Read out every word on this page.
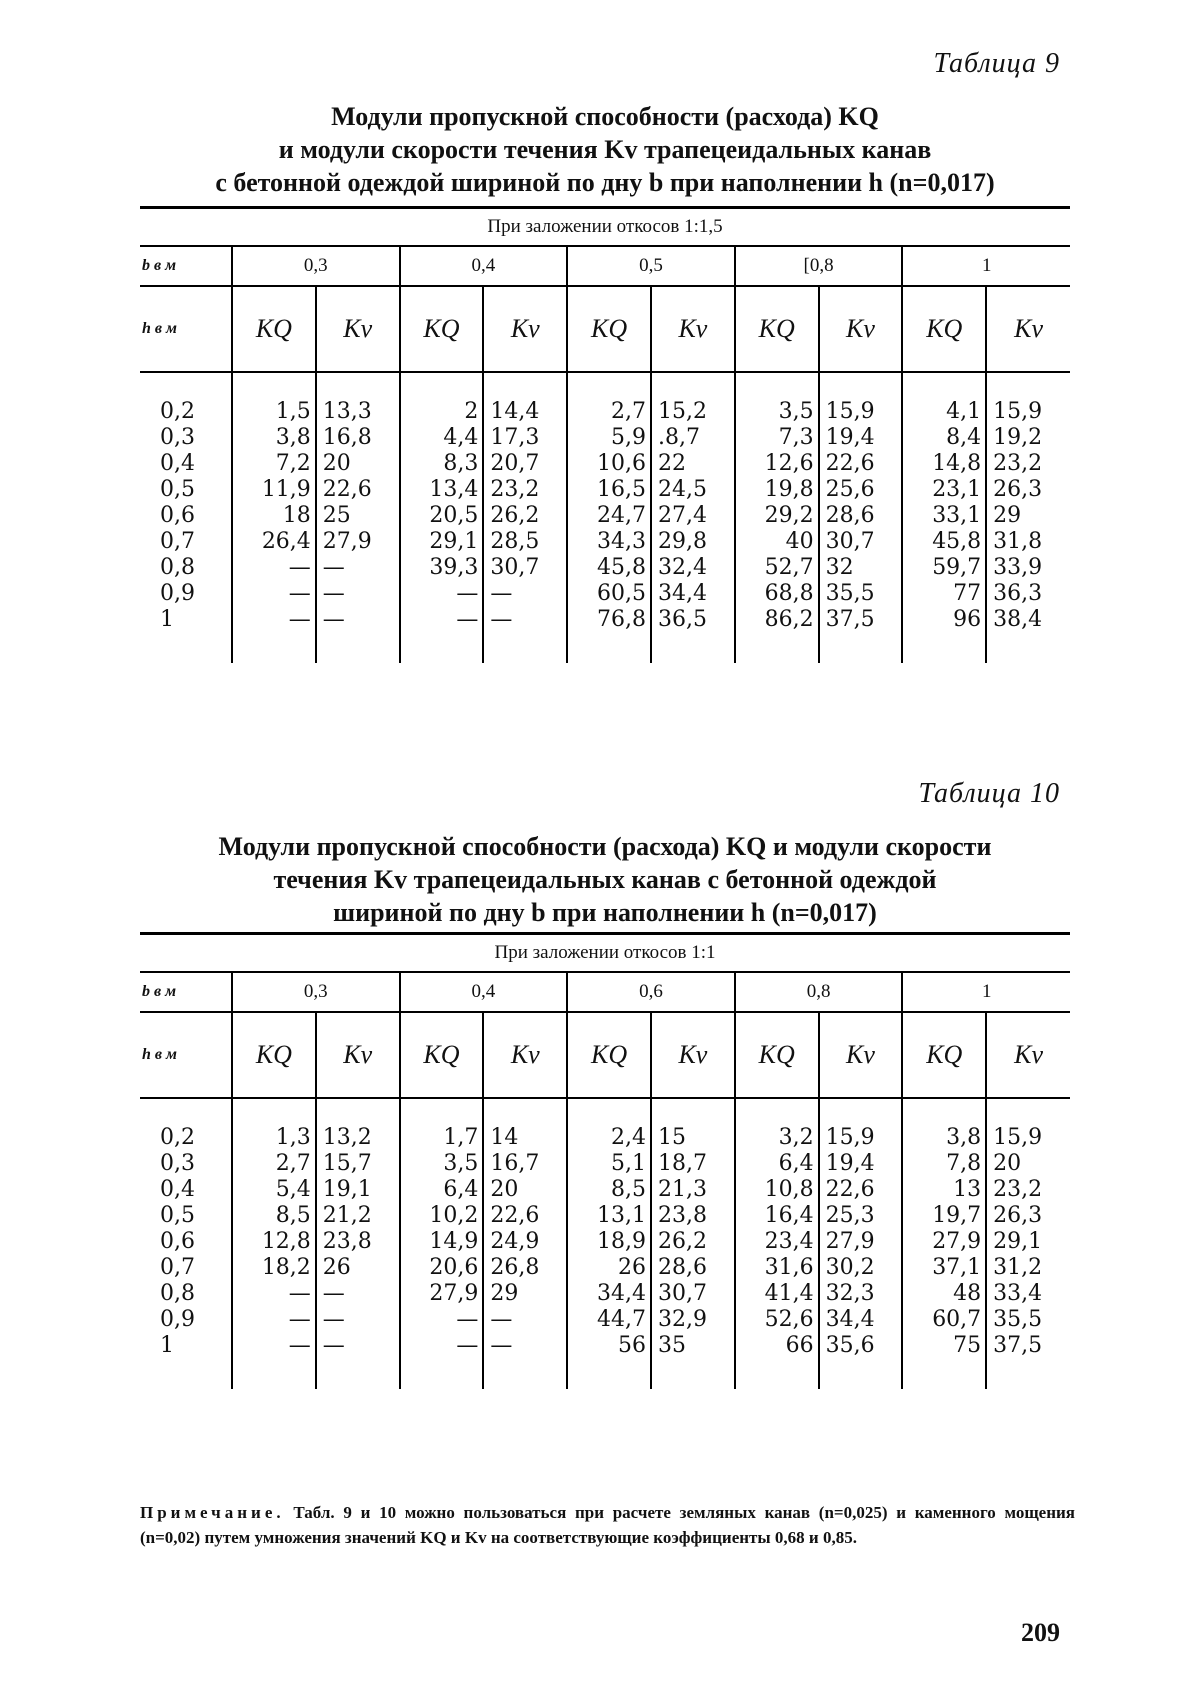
Таблица 9
Модули пропускной способности (расхода) KQ
и модули скорости течения Kv трапецеидальных канав
с бетонной одеждой шириной по дну b при наполнении h (n=0,017)
При заложении откосов 1:1,5
b в м	0,3		0,4		0,5		[0,8		1	
h в м	KQ	Kv	KQ	Kv	KQ	Kv	KQ	Kv	KQ	Kv

0,2	1,5	13,3	2	14,4	2,7	15,2	3,5	15,9	4,1	15,9
0,3	3,8	16,8	4,4	17,3	5,9	.8,7	7,3	19,4	8,4	19,2
0,4	7,2	20	8,3	20,7	10,6	22	12,6	22,6	14,8	23,2
0,5	11,9	22,6	13,4	23,2	16,5	24,5	19,8	25,6	23,1	26,3
0,6	18	25	20,5	26,2	24,7	27,4	29,2	28,6	33,1	29
0,7	26,4	27,9	29,1	28,5	34,3	29,8	40	30,7	45,8	31,8
0,8	—	—	39,3	30,7	45,8	32,4	52,7	32	59,7	33,9
0,9	—	—	—	—	60,5	34,4	68,8	35,5	77	36,3
1	—	—	—	—	76,8	36,5	86,2	37,5	96	38,4

Таблица 10
Модули пропускной способности (расхода) KQ и модули скорости
течения Kv трапецеидальных канав с бетонной одеждой
шириной по дну b при наполнении h (n=0,017)
При заложении откосов 1:1
b в м	0,3		0,4		0,6		0,8		1	
h в м	KQ	Kv	KQ	Kv	KQ	Kv	KQ	Kv	KQ	Kv

0,2	1,3	13,2	1,7	14	2,4	15	3,2	15,9	3,8	15,9
0,3	2,7	15,7	3,5	16,7	5,1	18,7	6,4	19,4	7,8	20
0,4	5,4	19,1	6,4	20	8,5	21,3	10,8	22,6	13	23,2
0,5	8,5	21,2	10,2	22,6	13,1	23,8	16,4	25,3	19,7	26,3
0,6	12,8	23,8	14,9	24,9	18,9	26,2	23,4	27,9	27,9	29,1
0,7	18,2	26	20,6	26,8	26	28,6	31,6	30,2	37,1	31,2
0,8	—	—	27,9	29	34,4	30,7	41,4	32,3	48	33,4
0,9	—	—	—	—	44,7	32,9	52,6	34,4	60,7	35,5
1	—	—	—	—	56	35	66	35,6	75	37,5

Примечание. Табл. 9 и 10 можно пользоваться при расчете земляных канав (n=0,025) и каменного мощения (n=0,02) путем умножения значений KQ и Kv на соответствующие коэффициенты 0,68 и 0,85.
209
